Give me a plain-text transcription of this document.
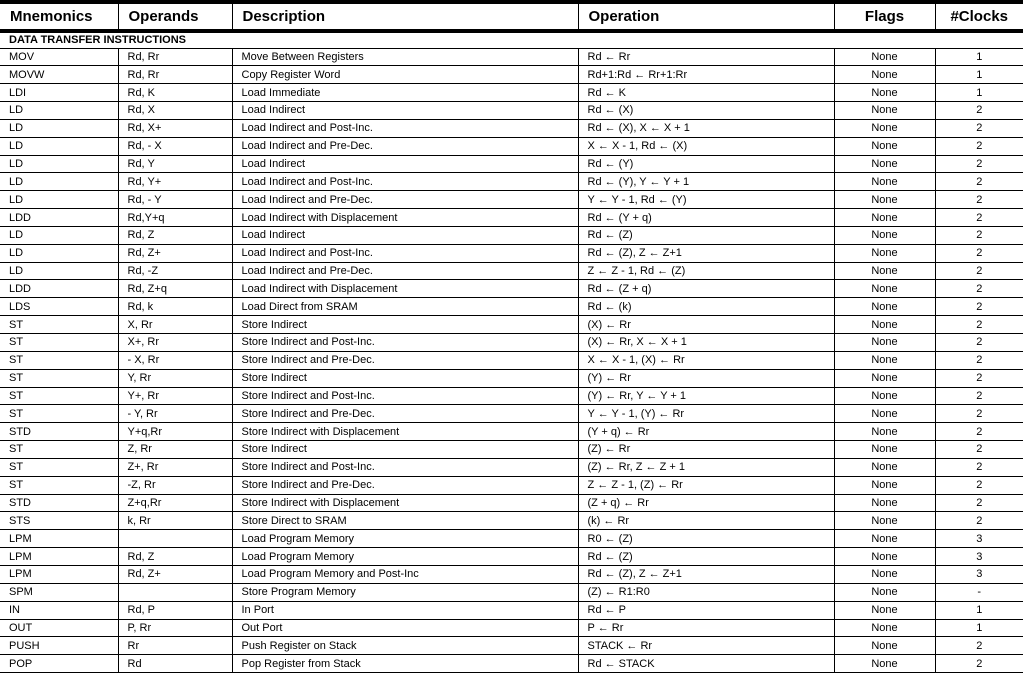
Mnemonics	Operands	Description	Operation	Flags	#Clocks
DATA TRANSFER INSTRUCTIONS					
MOV	Rd, Rr	Move Between Registers	Rd ← Rr	None	1
MOVW	Rd, Rr	Copy Register Word	Rd+1:Rd ← Rr+1:Rr	None	1
LDI	Rd, K	Load Immediate	Rd ← K	None	1
LD	Rd, X	Load Indirect	Rd ← (X)	None	2
LD	Rd, X+	Load Indirect and Post-Inc.	Rd ← (X), X ← X + 1	None	2
LD	Rd, - X	Load Indirect and Pre-Dec.	X ← X - 1, Rd ← (X)	None	2
LD	Rd, Y	Load Indirect	Rd ← (Y)	None	2
LD	Rd, Y+	Load Indirect and Post-Inc.	Rd ← (Y), Y ← Y + 1	None	2
LD	Rd, - Y	Load Indirect and Pre-Dec.	Y ← Y - 1, Rd ← (Y)	None	2
LDD	Rd,Y+q	Load Indirect with Displacement	Rd ← (Y + q)	None	2
LD	Rd, Z	Load Indirect	Rd ← (Z)	None	2
LD	Rd, Z+	Load Indirect and Post-Inc.	Rd ← (Z), Z ← Z+1	None	2
LD	Rd, -Z	Load Indirect and Pre-Dec.	Z ← Z - 1, Rd ← (Z)	None	2
LDD	Rd, Z+q	Load Indirect with Displacement	Rd ← (Z + q)	None	2
LDS	Rd, k	Load Direct from SRAM	Rd ← (k)	None	2
ST	X, Rr	Store Indirect	(X) ← Rr	None	2
ST	X+, Rr	Store Indirect and Post-Inc.	(X) ← Rr, X ← X + 1	None	2
ST	- X, Rr	Store Indirect and Pre-Dec.	X ← X - 1, (X) ← Rr	None	2
ST	Y, Rr	Store Indirect	(Y) ← Rr	None	2
ST	Y+, Rr	Store Indirect and Post-Inc.	(Y) ← Rr, Y ← Y + 1	None	2
ST	- Y, Rr	Store Indirect and Pre-Dec.	Y ← Y - 1, (Y) ← Rr	None	2
STD	Y+q,Rr	Store Indirect with Displacement	(Y + q) ← Rr	None	2
ST	Z, Rr	Store Indirect	(Z) ← Rr	None	2
ST	Z+, Rr	Store Indirect and Post-Inc.	(Z) ← Rr, Z ← Z + 1	None	2
ST	-Z, Rr	Store Indirect and Pre-Dec.	Z ← Z - 1, (Z) ← Rr	None	2
STD	Z+q,Rr	Store Indirect with Displacement	(Z + q) ← Rr	None	2
STS	k, Rr	Store Direct to SRAM	(k) ← Rr	None	2
LPM		Load Program Memory	R0 ← (Z)	None	3
LPM	Rd, Z	Load Program Memory	Rd ← (Z)	None	3
LPM	Rd, Z+	Load Program Memory and Post-Inc	Rd ← (Z), Z ← Z+1	None	3
SPM		Store Program Memory	(Z) ← R1:R0	None	-
IN	Rd, P	In Port	Rd ← P	None	1
OUT	P, Rr	Out Port	P ← Rr	None	1
PUSH	Rr	Push Register on Stack	STACK ← Rr	None	2
POP	Rd	Pop Register from Stack	Rd ← STACK	None	2
